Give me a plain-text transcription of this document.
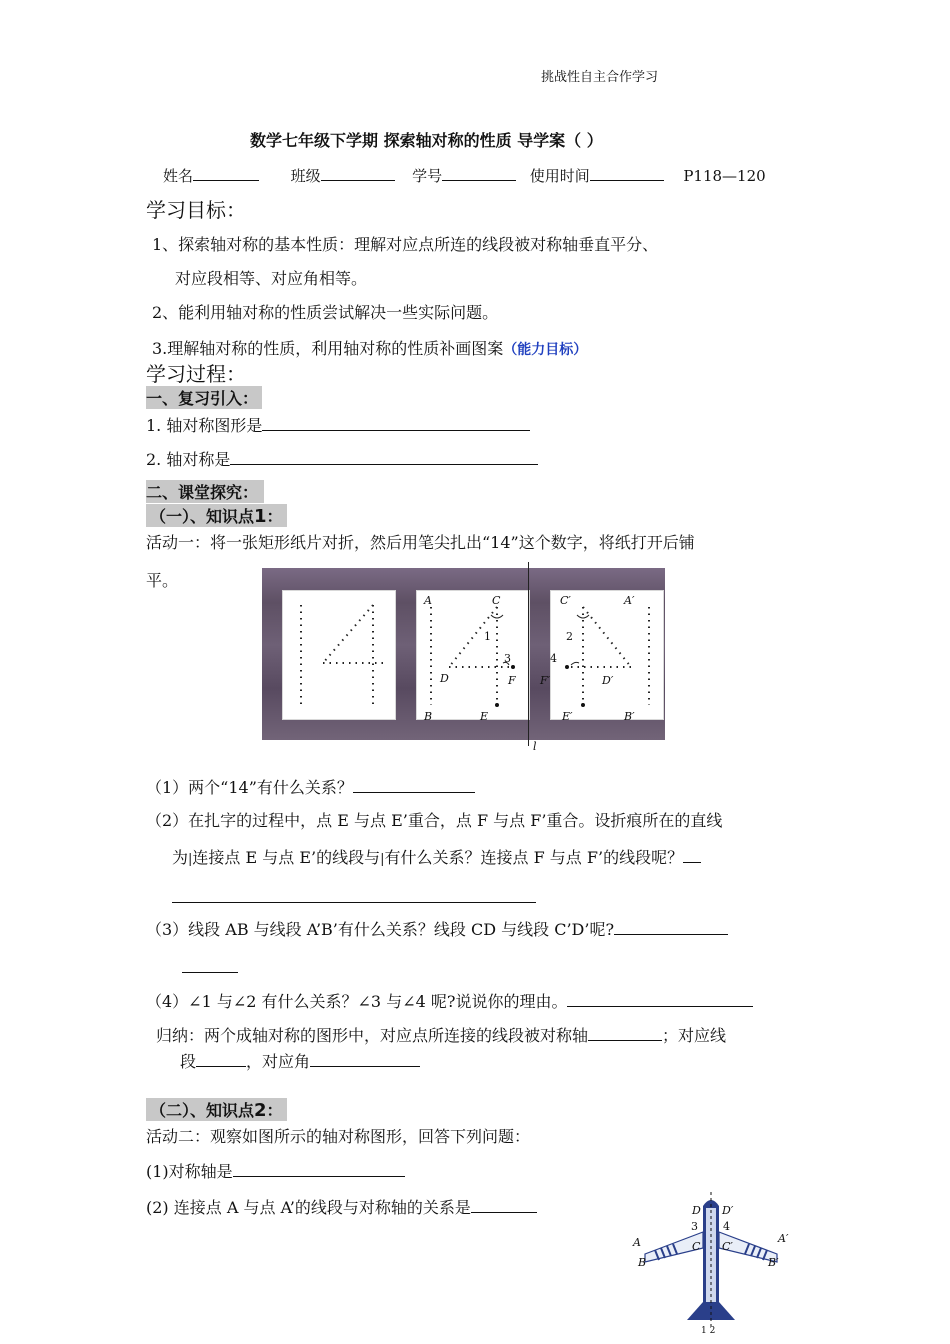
挑战性自主合作学习
数学七年级下学期 探索轴对称的性质 导学案（ ）
姓名	班级	学号	使用时间	P118—120
学习目标：
1、探索轴对称的基本性质：理解对应点所连的线段被对称轴垂直平分、
对应段相等、对应角相等。
2、能利用轴对称的性质尝试解决一些实际问题。
3.理解轴对称的性质，利用轴对称的性质补画图案（能力目标）
学习过程：
一、复习引入：
1. 轴对称图形是
2. 轴对称是
二、课堂探究：
（一）、知识点1：
活动一：将一张矩形纸片对折，然后用笔尖扎出“14”这个数字，将纸打开后铺
平。
A
B
C
D
E
F
1
3
C′	A′
F′	D′
E′	B′
2
4
l
（1）两个“14”有什么关系？
（2）在扎字的过程中，点 E 与点 E’重合，点 F 与点 F’重合。设折痕所在的直线
为|连接点 E 与点 E’的线段与|有什么关系？连接点 F 与点 F’的线段呢？
（3）线段 AB 与线段 A’B’有什么关系？线段 CD 与线段 C’D’呢?
（4）∠1 与∠2 有什么关系？∠3 与∠4 呢?说说你的理由。
归纳：两个成轴对称的图形中，对应点所连接的线段被对称轴	；对应线
段	，对应角
（二）、知识点2：
活动二：观察如图所示的轴对称图形，回答下列问题：
(1)对称轴是
(2) 连接点 A 与点 A’的线段与对称轴的关系是	D D′
3 4
A	A′
C C′
B	B′
1 2
